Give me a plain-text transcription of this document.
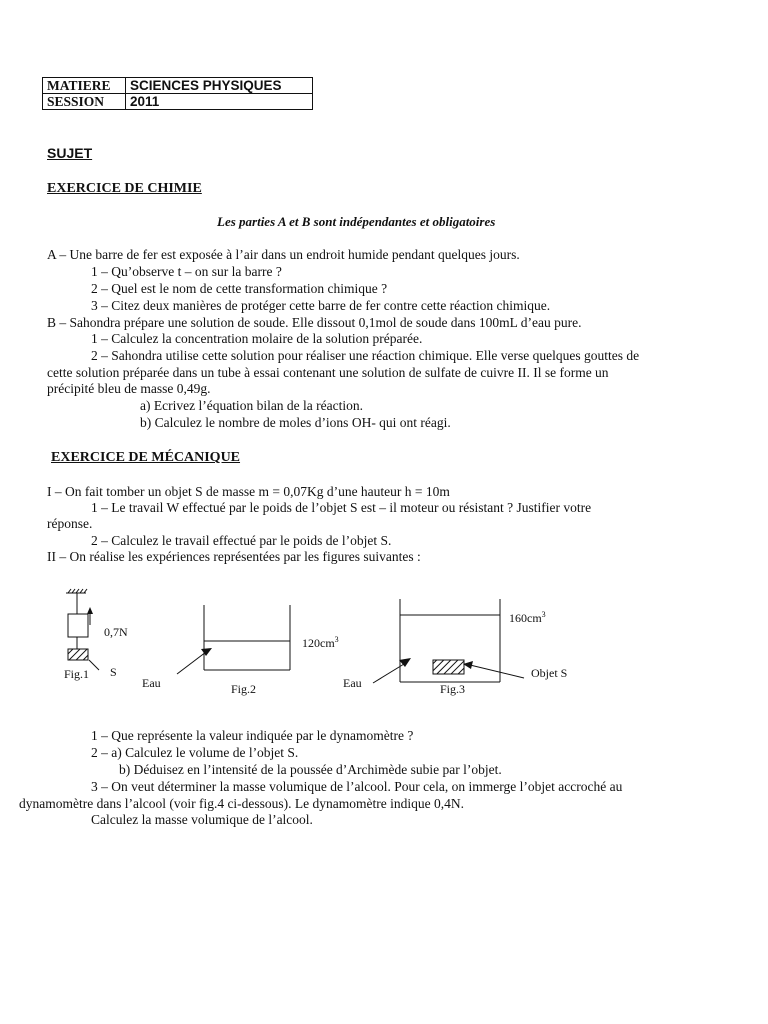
MATIERE	SCIENCES PHYSIQUES
SESSION	2011
SUJET
EXERCICE DE CHIMIE
Les parties A et B sont indépendantes et obligatoires
A – Une barre de fer est exposée à l’air dans un endroit humide pendant quelques jours.
1 – Qu’observe t – on sur la barre ?
2 – Quel est le nom de cette transformation chimique ?
3 – Citez deux manières de protéger cette barre de fer contre cette réaction chimique.
B – Sahondra prépare une solution de soude. Elle dissout 0,1mol de soude dans 100mL d’eau pure.
1 – Calculez la concentration molaire de la solution préparée.
2 – Sahondra utilise cette solution pour réaliser une réaction chimique. Elle verse quelques gouttes de
cette solution préparée dans un tube à essai contenant une solution de sulfate de cuivre II. Il se forme un
précipité bleu de masse 0,49g.
a) Ecrivez l’équation bilan de la réaction.
b) Calculez le nombre de moles d’ions OH- qui ont réagi.
EXERCICE DE MÉCANIQUE
I – On fait tomber un objet S de masse m = 0,07Kg d’une hauteur h = 10m
1 – Le travail W effectué par le poids de l’objet S est – il moteur ou résistant ? Justifier votre
réponse.
2 – Calculez le travail effectué par le poids de l’objet S.
II – On réalise les expériences représentées par les figures suivantes :
0,7N
S
Fig.1
$120cm^3$
Eau	Fig.2
$160cm^3$
Eau
Objet S
Fig.3
1 – Que représente la valeur indiquée par le dynamomètre ?
2 – a) Calculez le volume de l’objet S.
b) Déduisez en l’intensité de la poussée d’Archimède subie par l’objet.
3 – On veut déterminer la masse volumique de l’alcool. Pour cela, on immerge l’objet accroché au
dynamomètre dans l’alcool (voir fig.4 ci-dessous). Le dynamomètre indique 0,4N.
Calculez la masse volumique de l’alcool.
